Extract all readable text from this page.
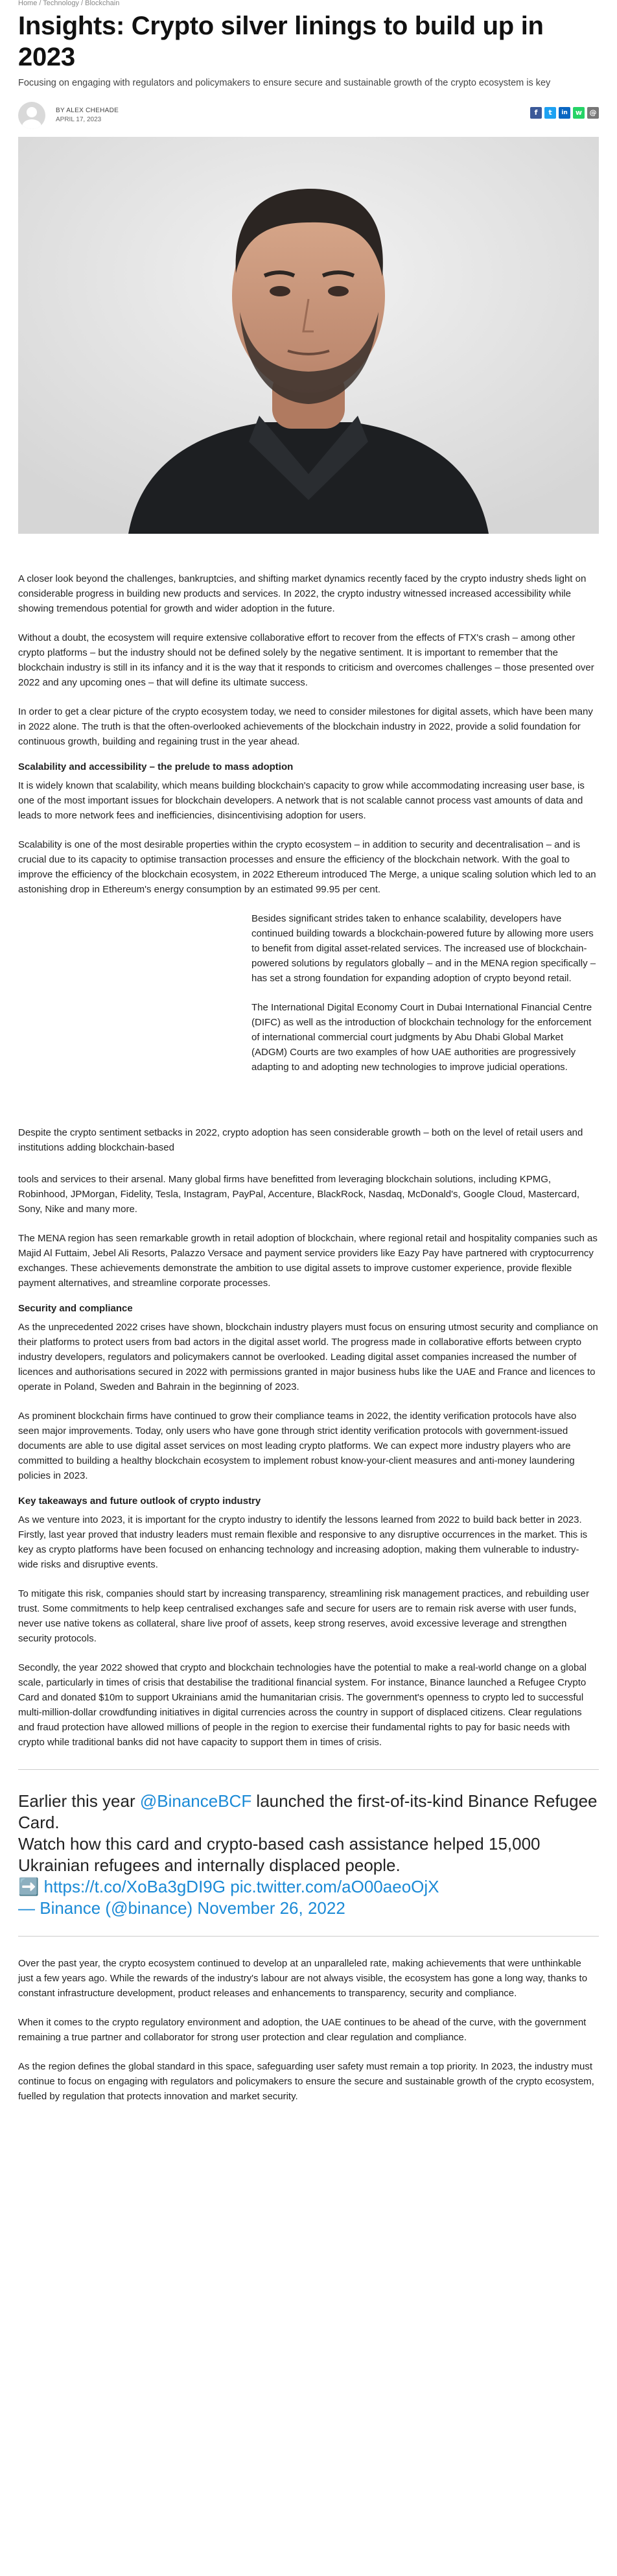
Home / Technology / Blockchain
Insights: Crypto silver linings to build up in 2023
Focusing on engaging with regulators and policymakers to ensure secure and sustainable growth of the crypto ecosystem is key
BY ALEX CHEHADE
APRIL 17, 2023
f	t	in	w	@

A closer look beyond the challenges, bankruptcies, and shifting market dynamics recently faced by the crypto industry sheds light on considerable progress in building new products and services. In 2022, the crypto industry witnessed increased accessibility while showing tremendous potential for growth and wider adoption in the future.

Without a doubt, the ecosystem will require extensive collaborative effort to recover from the effects of FTX's crash – among other crypto platforms – but the industry should not be defined solely by the negative sentiment. It is important to remember that the blockchain industry is still in its infancy and it is the way that it responds to criticism and overcomes challenges – those presented over 2022 and any upcoming ones – that will define its ultimate success.

In order to get a clear picture of the crypto ecosystem today, we need to consider milestones for digital assets, which have been many in 2022 alone. The truth is that the often-overlooked achievements of the blockchain industry in 2022, provide a solid foundation for continuous growth, building and regaining trust in the year ahead.

Scalability and accessibility – the prelude to mass adoption

It is widely known that scalability, which means building blockchain's capacity to grow while accommodating increasing user base, is one of the most important issues for blockchain developers. A network that is not scalable cannot process vast amounts of data and leads to more network fees and inefficiencies, disincentivising adoption for users.

Scalability is one of the most desirable properties within the crypto ecosystem – in addition to security and decentralisation – and is crucial due to its capacity to optimise transaction processes and ensure the efficiency of the blockchain network. With the goal to improve the efficiency of the blockchain ecosystem, in 2022 Ethereum introduced The Merge, a unique scaling solution which led to an astonishing drop in Ethereum's energy consumption by an estimated 99.95 per cent.

Besides significant strides taken to enhance scalability, developers have continued building towards a blockchain-powered future by allowing more users to benefit from digital asset-related services. The increased use of blockchain-powered solutions by regulators globally – and in the MENA region specifically – has set a strong foundation for expanding adoption of crypto beyond retail.

The International Digital Economy Court in Dubai International Financial Centre (DIFC) as well as the introduction of blockchain technology for the enforcement of international commercial court judgments by Abu Dhabi Global Market (ADGM) Courts are two examples of how UAE authorities are progressively adapting to and adopting new technologies to improve judicial operations.

Despite the crypto sentiment setbacks in 2022, crypto adoption has seen considerable growth – both on the level of retail users and institutions adding blockchain-based

tools and services to their arsenal. Many global firms have benefitted from leveraging blockchain solutions, including KPMG, Robinhood, JPMorgan, Fidelity, Tesla, Instagram, PayPal, Accenture, BlackRock, Nasdaq, McDonald's, Google Cloud, Mastercard, Sony, Nike and many more.

The MENA region has seen remarkable growth in retail adoption of blockchain, where regional retail and hospitality companies such as Majid Al Futtaim, Jebel Ali Resorts, Palazzo Versace and payment service providers like Eazy Pay have partnered with cryptocurrency exchanges. These achievements demonstrate the ambition to use digital assets to improve customer experience, provide flexible payment alternatives, and streamline corporate processes.

Security and compliance

As the unprecedented 2022 crises have shown, blockchain industry players must focus on ensuring utmost security and compliance on their platforms to protect users from bad actors in the digital asset world. The progress made in collaborative efforts between crypto industry developers, regulators and policymakers cannot be overlooked. Leading digital asset companies increased the number of licences and authorisations secured in 2022 with permissions granted in major business hubs like the UAE and France and licences to operate in Poland, Sweden and Bahrain in the beginning of 2023.

As prominent blockchain firms have continued to grow their compliance teams in 2022, the identity verification protocols have also seen major improvements. Today, only users who have gone through strict identity verification protocols with government-issued documents are able to use digital asset services on most leading crypto platforms. We can expect more industry players who are committed to building a healthy blockchain ecosystem to implement robust know-your-client measures and anti-money laundering policies in 2023.

Key takeaways and future outlook of crypto industry

As we venture into 2023, it is important for the crypto industry to identify the lessons learned from 2022 to build back better in 2023. Firstly, last year proved that industry leaders must remain flexible and responsive to any disruptive occurrences in the market. This is key as crypto platforms have been focused on enhancing technology and increasing adoption, making them vulnerable to industry-wide risks and disruptive events.

To mitigate this risk, companies should start by increasing transparency, streamlining risk management practices, and rebuilding user trust. Some commitments to help keep centralised exchanges safe and secure for users are to remain risk averse with user funds, never use native tokens as collateral, share live proof of assets, keep strong reserves, avoid excessive leverage and strengthen security protocols.

Secondly, the year 2022 showed that crypto and blockchain technologies have the potential to make a real-world change on a global scale, particularly in times of crisis that destabilise the traditional financial system. For instance, Binance launched a Refugee Crypto Card and donated $10m to support Ukrainians amid the humanitarian crisis. The government's openness to crypto led to successful multi-million-dollar crowdfunding initiatives in digital currencies across the country in support of displaced citizens. Clear regulations and fraud protection have allowed millions of people in the region to exercise their fundamental rights to pay for basic needs with crypto while traditional banks did not have capacity to support them in times of crisis.

Earlier this year @BinanceBCF launched the first-of-its-kind Binance Refugee Card.

Watch how this card and crypto-based cash assistance helped 15,000 Ukrainian refugees and internally displaced people.

➡️ https://t.co/XoBa3gDI9G pic.twitter.com/aO00aeoOjX

— Binance (@binance) November 26, 2022

Over the past year, the crypto ecosystem continued to develop at an unparalleled rate, making achievements that were unthinkable just a few years ago. While the rewards of the industry's labour are not always visible, the ecosystem has gone a long way, thanks to constant infrastructure development, product releases and enhancements to transparency, security and compliance.

When it comes to the crypto regulatory environment and adoption, the UAE continues to be ahead of the curve, with the government remaining a true partner and collaborator for strong user protection and clear regulation and compliance.

As the region defines the global standard in this space, safeguarding user safety must remain a top priority. In 2023, the industry must continue to focus on engaging with regulators and policymakers to ensure the secure and sustainable growth of the crypto ecosystem, fuelled by regulation that protects innovation and market security.
